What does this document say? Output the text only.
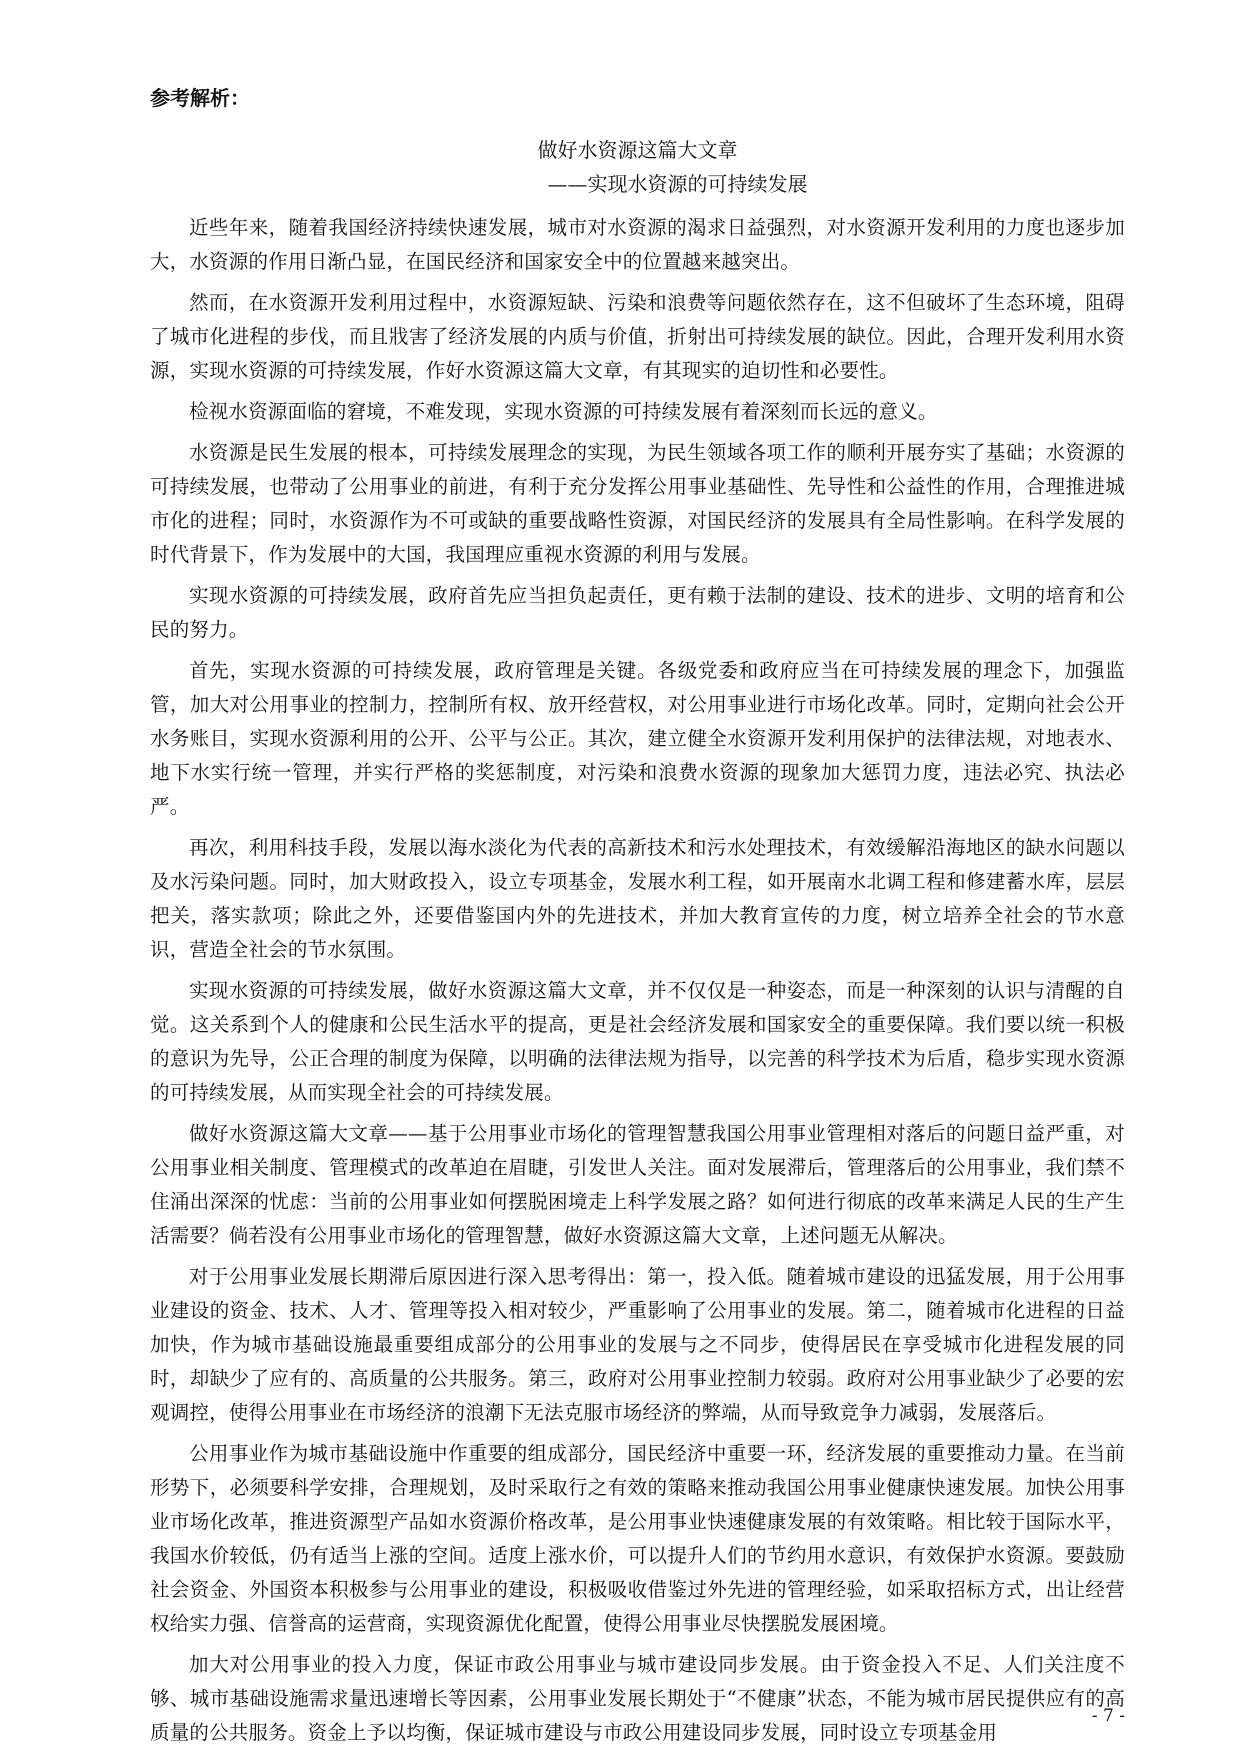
参考解析：
做好水资源这篇大文章
——实现水资源的可持续发展

近些年来，随着我国经济持续快速发展，城市对水资源的渴求日益强烈，对水资源开发利用的力度也逐步加大，水资源的作用日渐凸显，在国民经济和国家安全中的位置越来越突出。

然而，在水资源开发利用过程中，水资源短缺、污染和浪费等问题依然存在，这不但破坏了生态环境，阻碍了城市化进程的步伐，而且戕害了经济发展的内质与价值，折射出可持续发展的缺位。因此，合理开发利用水资源，实现水资源的可持续发展，作好水资源这篇大文章，有其现实的迫切性和必要性。

检视水资源面临的窘境，不难发现，实现水资源的可持续发展有着深刻而长远的意义。

水资源是民生发展的根本，可持续发展理念的实现，为民生领域各项工作的顺利开展夯实了基础；水资源的可持续发展，也带动了公用事业的前进，有利于充分发挥公用事业基础性、先导性和公益性的作用，合理推进城市化的进程；同时，水资源作为不可或缺的重要战略性资源，对国民经济的发展具有全局性影响。在科学发展的时代背景下，作为发展中的大国，我国理应重视水资源的利用与发展。

实现水资源的可持续发展，政府首先应当担负起责任，更有赖于法制的建设、技术的进步、文明的培育和公民的努力。

首先，实现水资源的可持续发展，政府管理是关键。各级党委和政府应当在可持续发展的理念下，加强监管，加大对公用事业的控制力，控制所有权、放开经营权，对公用事业进行市场化改革。同时，定期向社会公开水务账目，实现水资源利用的公开、公平与公正。其次，建立健全水资源开发利用保护的法律法规，对地表水、地下水实行统一管理，并实行严格的奖惩制度，对污染和浪费水资源的现象加大惩罚力度，违法必究、执法必严。

再次，利用科技手段，发展以海水淡化为代表的高新技术和污水处理技术，有效缓解沿海地区的缺水问题以及水污染问题。同时，加大财政投入，设立专项基金，发展水利工程，如开展南水北调工程和修建蓄水库，层层把关，落实款项；除此之外，还要借鉴国内外的先进技术，并加大教育宣传的力度，树立培养全社会的节水意识，营造全社会的节水氛围。

实现水资源的可持续发展，做好水资源这篇大文章，并不仅仅是一种姿态，而是一种深刻的认识与清醒的自觉。这关系到个人的健康和公民生活水平的提高，更是社会经济发展和国家安全的重要保障。我们要以统一积极的意识为先导，公正合理的制度为保障，以明确的法律法规为指导，以完善的科学技术为后盾，稳步实现水资源的可持续发展，从而实现全社会的可持续发展。

做好水资源这篇大文章——基于公用事业市场化的管理智慧我国公用事业管理相对落后的问题日益严重，对公用事业相关制度、管理模式的改革迫在眉睫，引发世人关注。面对发展滞后，管理落后的公用事业，我们禁不住涌出深深的忧虑：当前的公用事业如何摆脱困境走上科学发展之路？如何进行彻底的改革来满足人民的生产生活需要？倘若没有公用事业市场化的管理智慧，做好水资源这篇大文章，上述问题无从解决。

对于公用事业发展长期滞后原因进行深入思考得出：第一，投入低。随着城市建设的迅猛发展，用于公用事业建设的资金、技术、人才、管理等投入相对较少，严重影响了公用事业的发展。第二，随着城市化进程的日益加快，作为城市基础设施最重要组成部分的公用事业的发展与之不同步，使得居民在享受城市化进程发展的同时，却缺少了应有的、高质量的公共服务。第三，政府对公用事业控制力较弱。政府对公用事业缺少了必要的宏观调控，使得公用事业在市场经济的浪潮下无法克服市场经济的弊端，从而导致竞争力减弱，发展落后。

公用事业作为城市基础设施中作重要的组成部分，国民经济中重要一环，经济发展的重要推动力量。在当前形势下，必须要科学安排，合理规划，及时采取行之有效的策略来推动我国公用事业健康快速发展。加快公用事业市场化改革，推进资源型产品如水资源价格改革，是公用事业快速健康发展的有效策略。相比较于国际水平，我国水价较低，仍有适当上涨的空间。适度上涨水价，可以提升人们的节约用水意识，有效保护水资源。要鼓励社会资金、外国资本积极参与公用事业的建设，积极吸收借鉴过外先进的管理经验，如采取招标方式，出让经营权给实力强、信誉高的运营商，实现资源优化配置，使得公用事业尽快摆脱发展困境。

加大对公用事业的投入力度，保证市政公用事业与城市建设同步发展。由于资金投入不足、人们关注度不够、城市基础设施需求量迅速增长等因素，公用事业发展长期处于“不健康”状态，不能为城市居民提供应有的高质量的公共服务。资金上予以均衡，保证城市建设与市政公用建设同步发展，同时设立专项基金用

- 7 -
